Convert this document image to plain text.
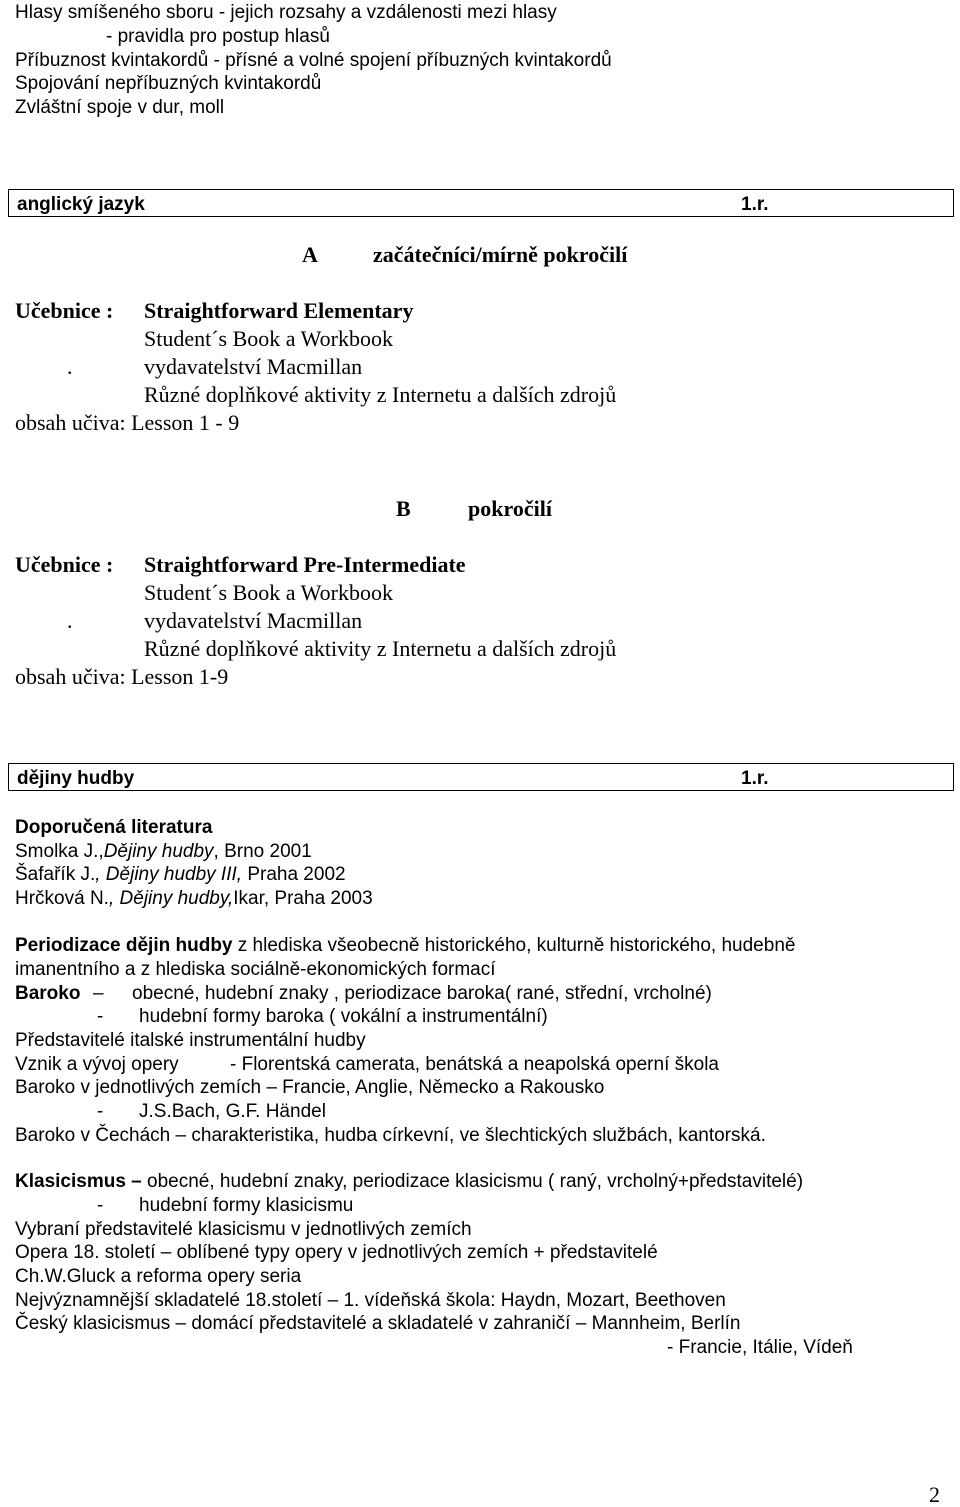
Hlasy smíšeného sboru - jejich rozsahy a vzdálenosti mezi hlasy
- pravidla pro postup hlasů
Příbuznost kvintakordů - přísné a volné spojení příbuzných kvintakordů
Spojování nepříbuzných kvintakordů
Zvláštní spoje v dur, moll
anglický jazyk	1.r.
A	začátečníci/mírně pokročilí
Učebnice : Straightforward Elementary
Student´s Book a Workbook
.	vydavatelství Macmillan
Různé doplňkové aktivity z Internetu a dalších zdrojů
obsah učiva: Lesson 1 - 9
B	pokročilí
Učebnice : Straightforward Pre-Intermediate
Student´s Book a Workbook
.	vydavatelství Macmillan
Různé doplňkové aktivity z Internetu a dalších zdrojů
obsah učiva: Lesson 1-9
dějiny hudby	1.r.
Doporučená literatura
Smolka J.,Dějiny hudby, Brno 2001
Šafařík J., Dějiny hudby III, Praha 2002
Hrčková N., Dějiny hudby,Ikar, Praha 2003
Periodizace dějin hudby z hlediska všeobecně historického, kulturně historického, hudebně
imanentního a z hlediska sociálně-ekonomických formací
Baroko – obecné, hudební znaky , periodizace baroka( rané, střední, vrcholné)
- hudební formy baroka ( vokální a instrumentální)
Představitelé italské instrumentální hudby
Vznik a vývoj opery	- Florentská camerata, benátská a neapolská operní škola
Baroko v jednotlivých zemích – Francie, Anglie, Německo a Rakousko
- J.S.Bach, G.F. Händel
Baroko v Čechách – charakteristika, hudba církevní, ve šlechtických službách, kantorská.
Klasicismus – obecné, hudební znaky, periodizace klasicismu ( raný, vrcholný+představitelé)
- hudební formy klasicismu
Vybraní představitelé klasicismu v jednotlivých zemích
Opera 18. století – oblíbené typy opery v jednotlivých zemích + představitelé
Ch.W.Gluck a reforma opery seria
Nejvýznamnější skladatelé 18.století – 1. vídeňská škola: Haydn, Mozart, Beethoven
Český klasicismus – domácí představitelé a skladatelé v zahraničí – Mannheim, Berlín
- Francie, Itálie, Vídeň
2
